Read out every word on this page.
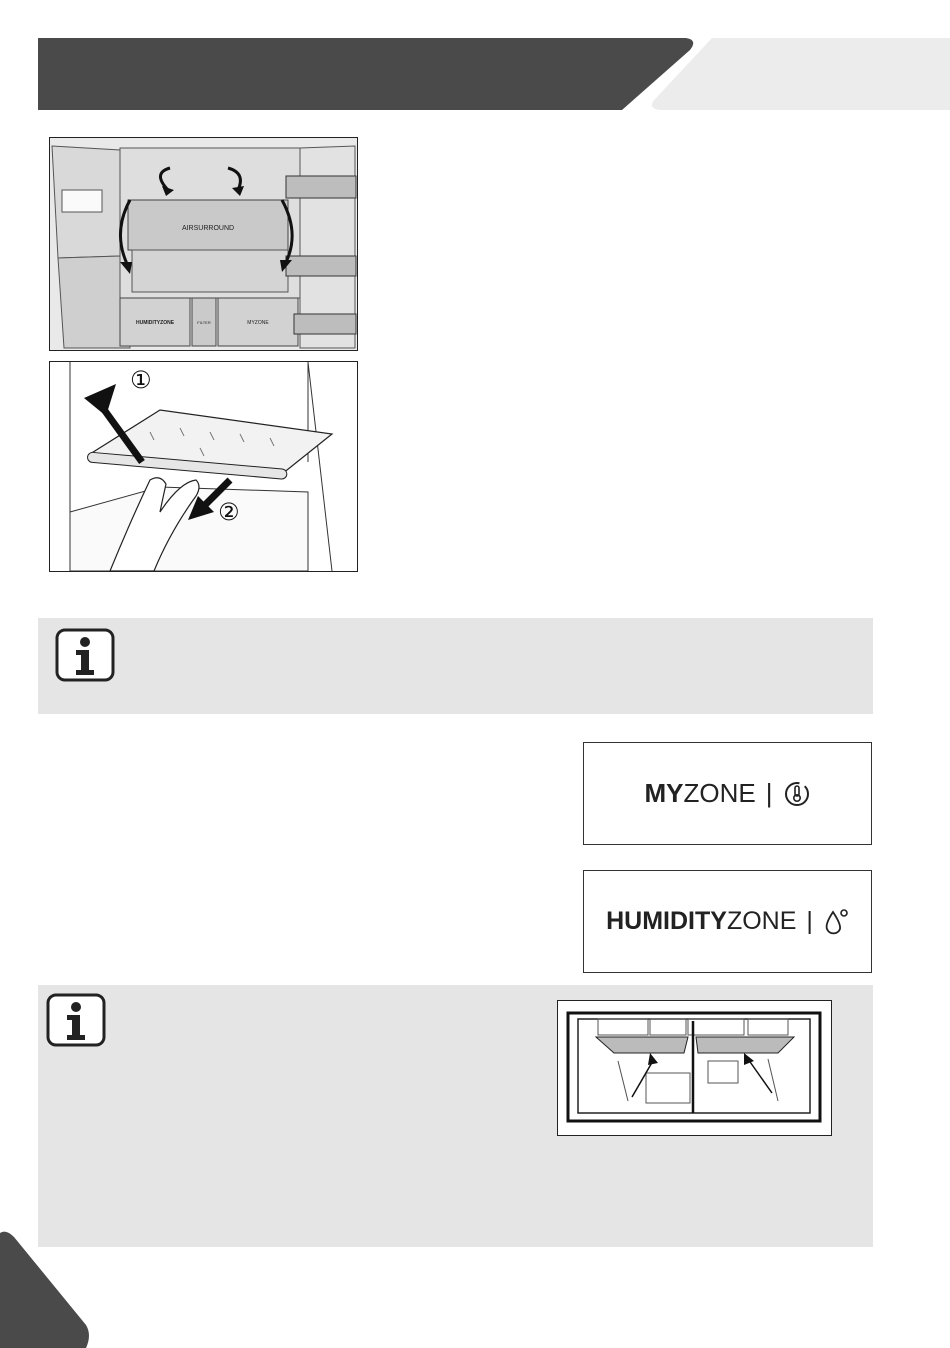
AIRSURROUND
HUMIDITYZONE	FILTER	MYZONE
①
②
MY ZONE |
HUMIDITY ZONE |
